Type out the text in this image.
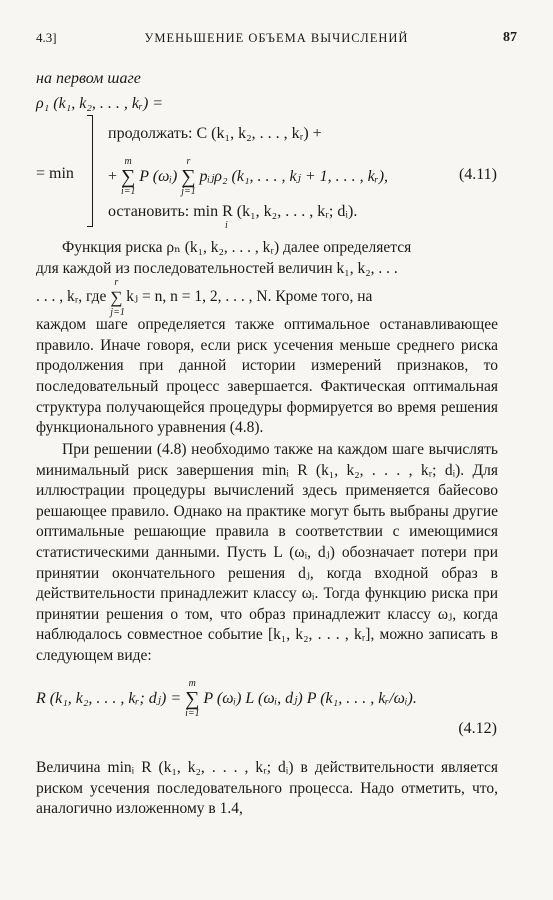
4.3]	УМЕНЬШЕНИЕ ОБЪЕМА ВЫЧИСЛЕНИЙ	87
на первом шаге
ρ₁ (k₁, k₂, . . . , kᵣ) =
= min
продолжать: C (k₁, k₂, . . . , kᵣ) +
+ ∑
m
i=1
P (ωᵢ) ∑
r
j=1
pᵢⱼρ₂ (k₁, . . . , kⱼ + 1, . . . , kᵣ),	(4.11)
остановить: min R (k₁, k₂, . . . , kᵣ; dᵢ).
i

Функция риска ρₙ (k₁, k₂, . . . , kᵣ) далее определяется

для каждой из последовательностей величин k₁, k₂, . . .

. . . , kᵣ, где ∑
r
j=1
kⱼ = n, n = 1, 2, . . . , N. Кроме того, на

каждом шаге определяется также оптимальное останавливающее правило. Иначе говоря, если риск усечения меньше среднего риска продолжения при данной истории измерений признаков, то последовательный процесс завершается. Фактическая оптимальная структура получающейся процедуры формируется во время решения функционального уравнения (4.8).

При решении (4.8) необходимо также на каждом шаге вычислять минимальный риск завершения minᵢ R (k₁, k₂, . . . , kᵣ; dᵢ). Для иллюстрации процедуры вычислений здесь применяется байесово решающее правило. Однако на практике могут быть выбраны другие оптимальные решающие правила в соответствии с имеющимися статистическими данными. Пусть L (ωᵢ, dⱼ) обозначает потери при принятии окончательного решения dⱼ, когда входной образ в действительности принадлежит классу ωᵢ. Тогда функцию риска при принятии решения о том, что образ принадлежит классу ωⱼ, когда наблюдалось совместное событие [k₁, k₂, . . . , kᵣ], можно записать в следующем виде:

R (k₁, k₂, . . . , kᵣ; dⱼ) = ∑
m
i=1
P (ωᵢ) L (ωᵢ, dⱼ) P (k₁, . . . , kᵣ/ωᵢ).
(4.12)

Величина minᵢ R (k₁, k₂, . . . , kᵣ; dᵢ) в действительности является риском усечения последовательного процесса. Надо отметить, что, аналогично изложенному в 1.4,
